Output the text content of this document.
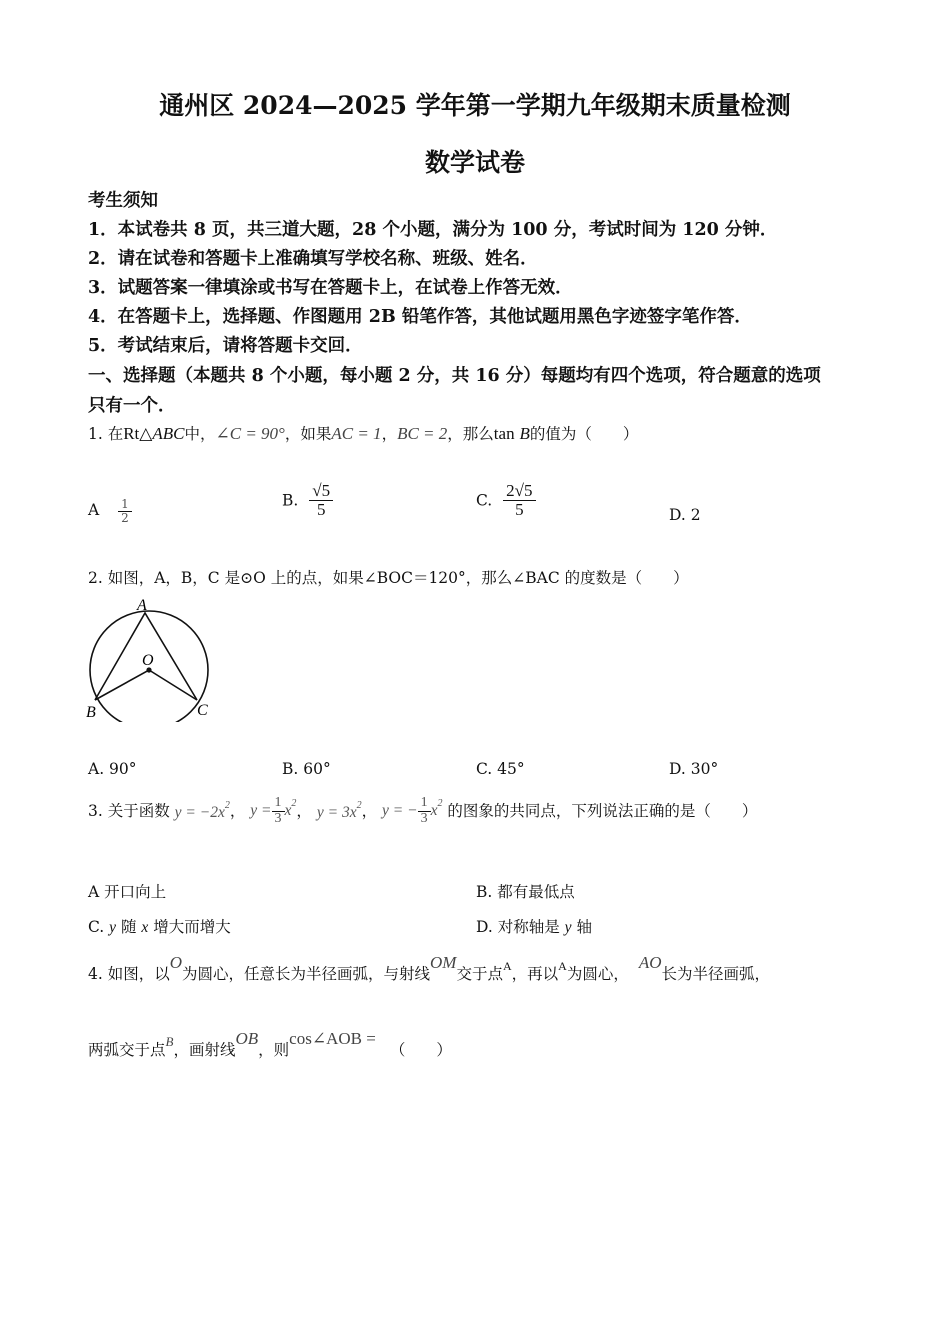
通州区 2024—2025 学年第一学期九年级期末质量检测
数学试卷
考生须知
1．本试卷共 8 页，共三道大题，28 个小题，满分为 100 分，考试时间为 120 分钟．
2．请在试卷和答题卡上准确填写学校名称、班级、姓名．
3．试题答案一律填涂或书写在答题卡上，在试卷上作答无效．
4．在答题卡上，选择题、作图题用 2B 铅笔作答，其他试题用黑色字迹签字笔作答．
5．考试结束后，请将答题卡交回．
一、选择题（本题共 8 个小题，每小题 2 分，共 16 分）每题均有四个选项，符合题意的选项
只有一个．
1. 在Rt△ABC中，∠C = 90°，如果AC = 1，BC = 2，那么tan B的值为（　　）
A $\frac{1}{2}$	B. $\frac{√5}{5}$	C. $\frac{2√5}{5}$	D. 2
2. 如图，A，B，C 是⊙O 上的点，如果∠BOC＝120°，那么∠BAC 的度数是（　　）
A
O
B	C
A. 90°	B. 60°	C. 45°	D. 30°
3. 关于函数 $y = -2x^2$， $y = \frac{1}{3} x^2$， $y = 3x^2$， y = − $\frac{1}{3} x^2$ 的图象的共同点，下列说法正确的是（　　）
A 开口向上	B. 都有最低点
C. y 随 x 增大而增大	D. 对称轴是 y 轴
4. 如图，以O为圆心，任意长为半径画弧，与射线OM交于点$^A$，再以$^A$为圆心，AO长为半径画弧，
两弧交于点$^B$，画射线OB，则cos∠AOB =（　　）
